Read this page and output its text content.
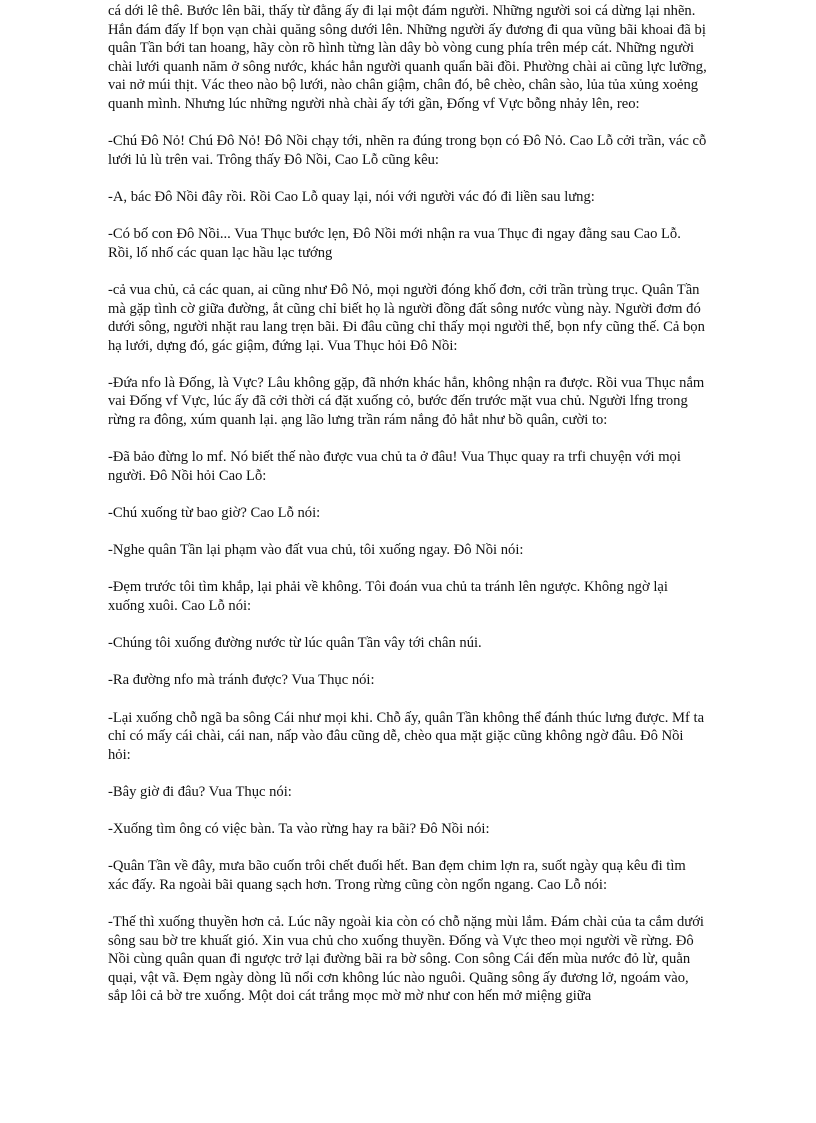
cá dới lê thê. Bước lên bãi, thấy từ đằng ấy đi lại một đám người. Những người soi cá dừng lại nhẽn. Hắn đám đấy lf bọn vạn chài quăng sông dưới lên. Những người ấy đương đi qua vũng bãi khoai đã bị quân Tần bới tan hoang, hãy còn rõ hình từng làn dây bò vòng cung phía trên mép cát. Những người chài lưới quanh năm ở sông nước, khác hẳn người quanh quẩn bãi đồi. Phường chài ai cũng lực lưỡng, vai nở múi thịt. Vác theo nào bộ lưới, nào chân giậm, chân đó, bê chèo, chân sào, lủa tủa xủng xoẻng quanh mình. Nhưng lúc những người nhà chài ấy tới gần, Đống vf Vực bỗng nhảy lên, reo:

-Chú Đô Nỏ! Chú Đô Nỏ! Đô Nồi chạy tới, nhẽn ra đúng trong bọn có Đô Nỏ. Cao Lỗ cởi trần, vác cỗ lưới lủ lù trên vai. Trông thấy Đô Nồi, Cao Lỗ cũng kêu:

-A, bác Đô Nồi đây rồi. Rồi Cao Lỗ quay lại, nói với người vác đó đi liền sau lưng:

-Có bố con Đô Nồi... Vua Thục bước lẹn, Đô Nồi mới nhận ra vua Thục đi ngay đằng sau Cao Lỗ. Rồi, lố nhố các quan lạc hầu lạc tướng

-cả vua chủ, cả các quan, ai cũng như Đô Nỏ, mọi người đóng khố đơn, cởi trần trùng trục. Quân Tần mà gặp tình cờ giữa đường, ắt cũng chỉ biết họ là người đồng đất sông nước vùng này. Người đơm đó dưới sông, người nhặt rau lang trẹn bãi. Đi đâu cũng chỉ thấy mọi người thế, bọn nfy cũng thế. Cả bọn hạ lưới, dựng đó, gác giậm, đứng lại. Vua Thục hỏi Đô Nồi:

-Đứa nfo là Đống, là Vực? Lâu không gặp, đã nhớn khác hẳn, không nhận ra được. Rồi vua Thục nắm vai Đống vf Vực, lúc ấy đã cởi thời cá đặt xuống cỏ, bước đến trước mặt vua chủ. Người lfng trong rừng ra đông, xúm quanh lại. ạng lão lưng trần rám nắng đỏ hắt như bồ quân, cười to:

-Đã bảo đừng lo mf. Nó biết thế nào được vua chủ ta ở đâu! Vua Thục quay ra trfi chuyện với mọi người. Đô Nồi hỏi Cao Lỗ:

-Chú xuống từ bao giờ? Cao Lỗ nói:

-Nghe quân Tần lại phạm vào đất vua chủ, tôi xuống ngay. Đô Nồi nói:

-Đẹm trước tôi tìm khắp, lại phải về không. Tôi đoán vua chủ ta tránh lên ngược. Không ngờ lại xuống xuôi. Cao Lỗ nói:

-Chúng tôi xuống đường nước từ lúc quân Tần vây tới chân núi.

-Ra đường nfo mà tránh được? Vua Thục nói:

-Lại xuống chỗ ngã ba sông Cái như mọi khi. Chỗ ấy, quân Tần không thể đánh thúc lưng được. Mf ta chỉ có mấy cái chài, cái nan, nấp vào đâu cũng dễ, chèo qua mặt giặc cũng không ngờ đâu. Đô Nồi hỏi:

-Bây giờ đi đâu? Vua Thục nói:

-Xuống tìm ông có việc bàn. Ta vào rừng hay ra bãi? Đô Nồi nói:

-Quân Tần về đây, mưa bão cuốn trôi chết đuối hết. Ban đẹm chim lợn ra, suốt ngày quạ kêu đi tìm xác đấy. Ra ngoài bãi quang sạch hơn. Trong rừng cũng còn ngổn ngang. Cao Lỗ nói:

-Thế thì xuống thuyền hơn cả. Lúc nãy ngoài kia còn có chỗ nặng mùi lắm. Đám chài của ta cắm dưới sông sau bờ tre khuất gió. Xin vua chủ cho xuống thuyền. Đống và Vực theo mọi người về rừng. Đô Nồi cùng quân quan đi ngược trở lại đường bãi ra bờ sông. Con sông Cái đến mùa nước đỏ lừ, quằn quại, vật vã. Đẹm ngày dòng lũ nổi cơn không lúc nào nguôi. Quãng sông ấy đương lở, ngoám vào, sắp lôi cả bờ tre xuống. Một doi cát trắng mọc mờ mờ như con hến mở miệng giữa
